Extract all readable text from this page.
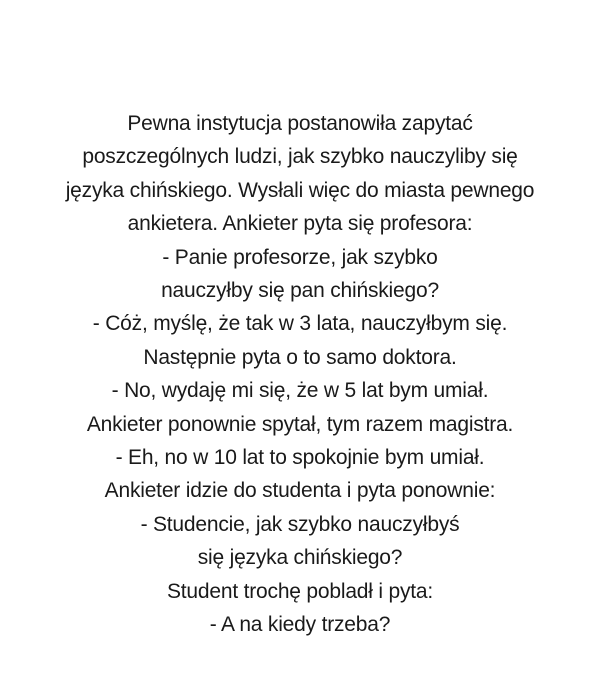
Pewna instytucja postanowiła zapytać

poszczególnych ludzi, jak szybko nauczyliby się

języka chińskiego. Wysłali więc do miasta pewnego

ankietera. Ankieter pyta się profesora:

- Panie profesorze, jak szybko

nauczyłby się pan chińskiego?

- Cóż, myślę, że tak w 3 lata, nauczyłbym się.

Następnie pyta o to samo doktora.

- No, wydaję mi się, że w 5 lat bym umiał.

Ankieter ponownie spytał, tym razem magistra.

- Eh, no w 10 lat to spokojnie bym umiał.

Ankieter idzie do studenta i pyta ponownie:

- Studencie, jak szybko nauczyłbyś

się języka chińskiego?

Student trochę pobladł i pyta:

- A na kiedy trzeba?
